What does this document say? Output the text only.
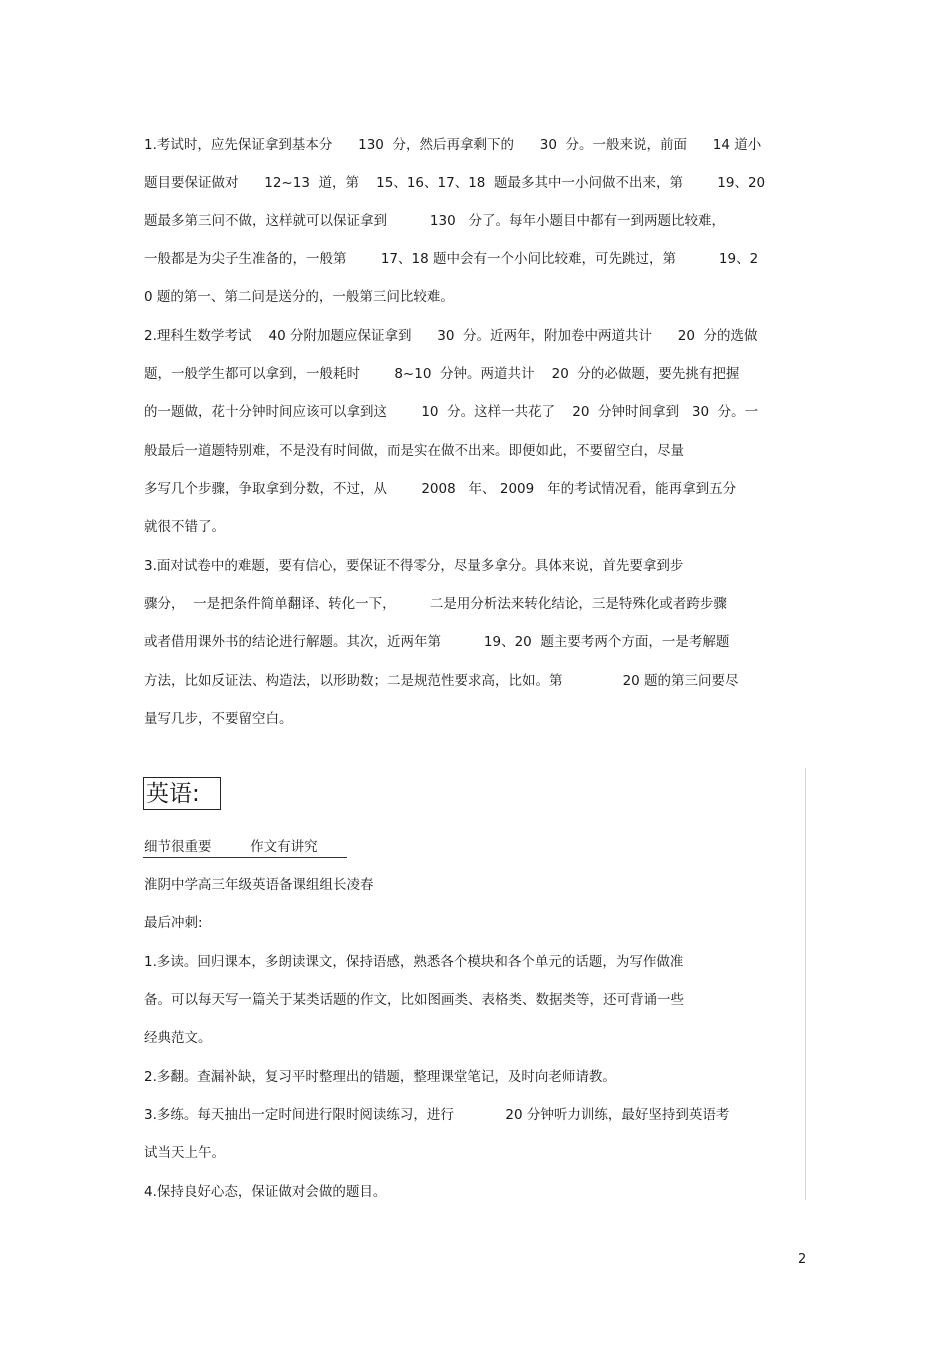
1.考试时，应先保证拿到基本分      130  分，然后再拿剩下的      30  分。一般来说，前面      14 道小

题目要保证做对      12~13  道，第    15、16、17、18  题最多其中一小问做不出来，第        19、20

题最多第三问不做，这样就可以保证拿到          130   分了。每年小题目中都有一到两题比较难，

一般都是为尖子生准备的，一般第        17、18 题中会有一个小问比较难，可先跳过，第          19、2

0 题的第一、第二问是送分的，一般第三问比较难。

2.理科生数学考试    40 分附加题应保证拿到      30  分。近两年，附加卷中两道共计      20  分的选做

题，一般学生都可以拿到，一般耗时        8~10  分钟。两道共计    20  分的必做题，要先挑有把握

的一题做，花十分钟时间应该可以拿到这        10  分。这样一共花了    20  分钟时间拿到   30  分。一

般最后一道题特别难，不是没有时间做，而是实在做不出来。即便如此，不要留空白，尽量

多写几个步骤，争取拿到分数，不过，从        2008   年、 2009   年的考试情况看，能再拿到五分

就很不错了。

3.面对试卷中的难题，要有信心，要保证不得零分，尽量多拿分。具体来说，首先要拿到步

骤分，  一是把条件简单翻译、转化一下，        二是用分析法来转化结论，三是特殊化或者跨步骤

或者借用课外书的结论进行解题。其次，近两年第          19、20  题主要考两个方面，一是考解题

方法，比如反证法、构造法，以形助数；二是规范性要求高，比如。第              20 题的第三问要尽

量写几步，不要留空白。

英语:

细节很重要         作文有讲究

淮阴中学高三年级英语备课组组长凌春

最后冲刺:

1.多读。回归课本，多朗读课文，保持语感，熟悉各个模块和各个单元的话题，为写作做准

备。可以每天写一篇关于某类话题的作文，比如图画类、表格类、数据类等，还可背诵一些

经典范文。

2.多翻。查漏补缺，复习平时整理出的错题，整理课堂笔记，及时向老师请教。

3.多练。每天抽出一定时间进行限时阅读练习，进行            20 分钟听力训练，最好坚持到英语考

试当天上午。

4.保持良好心态，保证做对会做的题目。

2
